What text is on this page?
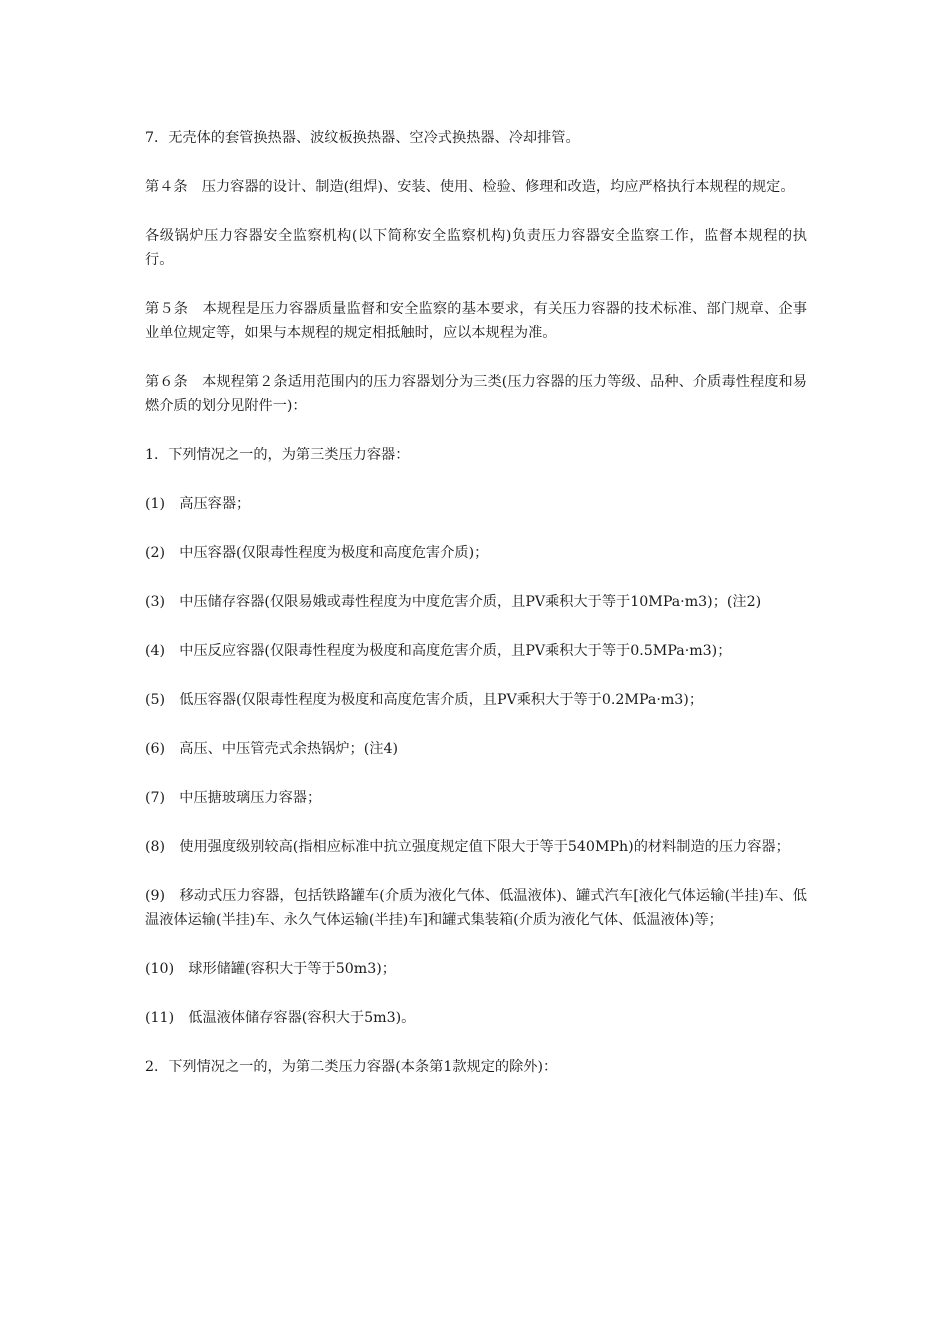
7．无壳体的套管换热器、波纹板换热器、空冷式换热器、冷却排管。

第４条　压力容器的设计、制造(组焊)、安装、使用、检验、修理和改造，均应严格执行本规程的规定。

各级锅炉压力容器安全监察机构(以下简称安全监察机构)负责压力容器安全监察工作，监督本规程的执行。

第５条　本规程是压力容器质量监督和安全监察的基本要求，有关压力容器的技术标准、部门规章、企事业单位规定等，如果与本规程的规定相抵触时，应以本规程为准。

第６条　本规程第２条适用范围内的压力容器划分为三类(压力容器的压力等级、品种、介质毒性程度和易燃介质的划分见附件一)：

1．下列情况之一的，为第三类压力容器：

(1)　高压容器；

(2)　中压容器(仅限毒性程度为极度和高度危害介质)；

(3)　中压储存容器(仅限易娥或毒性程度为中度危害介质，且PV乘积大于等于10MPa·m3)；(注2)

(4)　中压反应容器(仅限毒性程度为极度和高度危害介质，且PV乘积大于等于0.5MPa·m3)；

(5)　低压容器(仅限毒性程度为极度和高度危害介质，且PV乘积大于等于0.2MPa·m3)；

(6)　高压、中压管壳式余热锅炉；(注4)

(7)　中压搪玻璃压力容器；

(8)　使用强度级别较高(指相应标准中抗立强度规定值下限大于等于540MPh)的材料制造的压力容器；

(9)　移动式压力容器，包括铁路罐车(介质为液化气体、低温液体)、罐式汽车[液化气体运输(半挂)车、低温液体运输(半挂)车、永久气体运输(半挂)车]和罐式集装箱(介质为液化气体、低温液体)等；

(10)　球形储罐(容积大于等于50m3)；

(11)　低温液体储存容器(容积大于5m3)。

2．下列情况之一的，为第二类压力容器(本条第1款规定的除外)：
